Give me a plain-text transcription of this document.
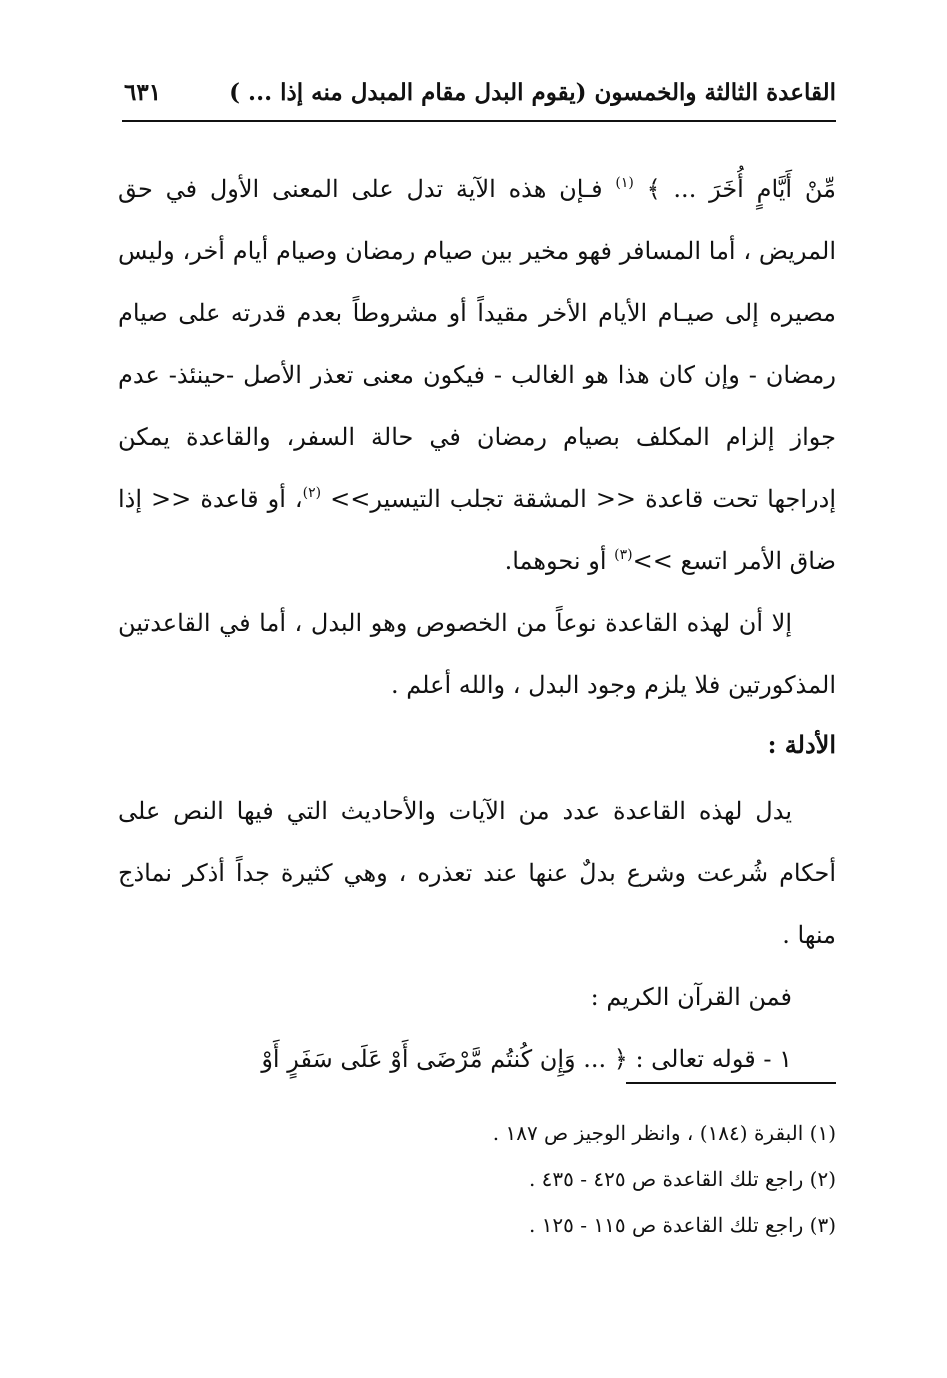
القاعدة الثالثة والخمسون (يقوم البدل مقام المبدل منه إذا ... )
٦٣١

مِّنْ أَيَّامٍ أُخَرَ ... ﴾ $^{(١)}$ فـإن هذه الآية تدل على المعنى الأول في حق المريض ، أما المسافر فهو مخير بين صيام رمضان وصيام أيام أخر، وليس مصيره إلى صيـام الأيام الأخر مقيداً أو مشروطاً بعدم قدرته على صيام رمضان - وإن كان هذا هو الغالب - فيكون معنى تعذر الأصل -حينئذ- عدم جواز إلزام المكلف بصيام رمضان في حالة السفر، والقاعدة يمكن إدراجها تحت قاعدة << المشقة تجلب التيسير>> $^{(٢)}$، أو قاعدة << إذا ضاق الأمر اتسع >>$^{(٣)}$ أو نحوهما.

إلا أن لهذه القاعدة نوعاً من الخصوص وهو البدل ، أما في القاعدتين المذكورتين فلا يلزم وجود البدل ، والله أعلم .

الأدلة :

يدل لهذه القاعدة عدد من الآيات والأحاديث التي فيها النص على أحكام شُرعت وشرع بدلٌ عنها عند تعذره ، وهي كثيرة جداً أذكر نماذج منها .

فمن القرآن الكريم :

١ - قوله تعالى : ﴿ ... وَإِن كُنتُم مَّرْضَى أَوْ عَلَى سَفَرٍ أَوْ

(١) البقرة (١٨٤) ، وانظر الوجيز ص ١٨٧ .

(٢) راجع تلك القاعدة ص ٤٢٥ - ٤٣٥ .

(٣) راجع تلك القاعدة ص ١١٥ - ١٢٥ .
